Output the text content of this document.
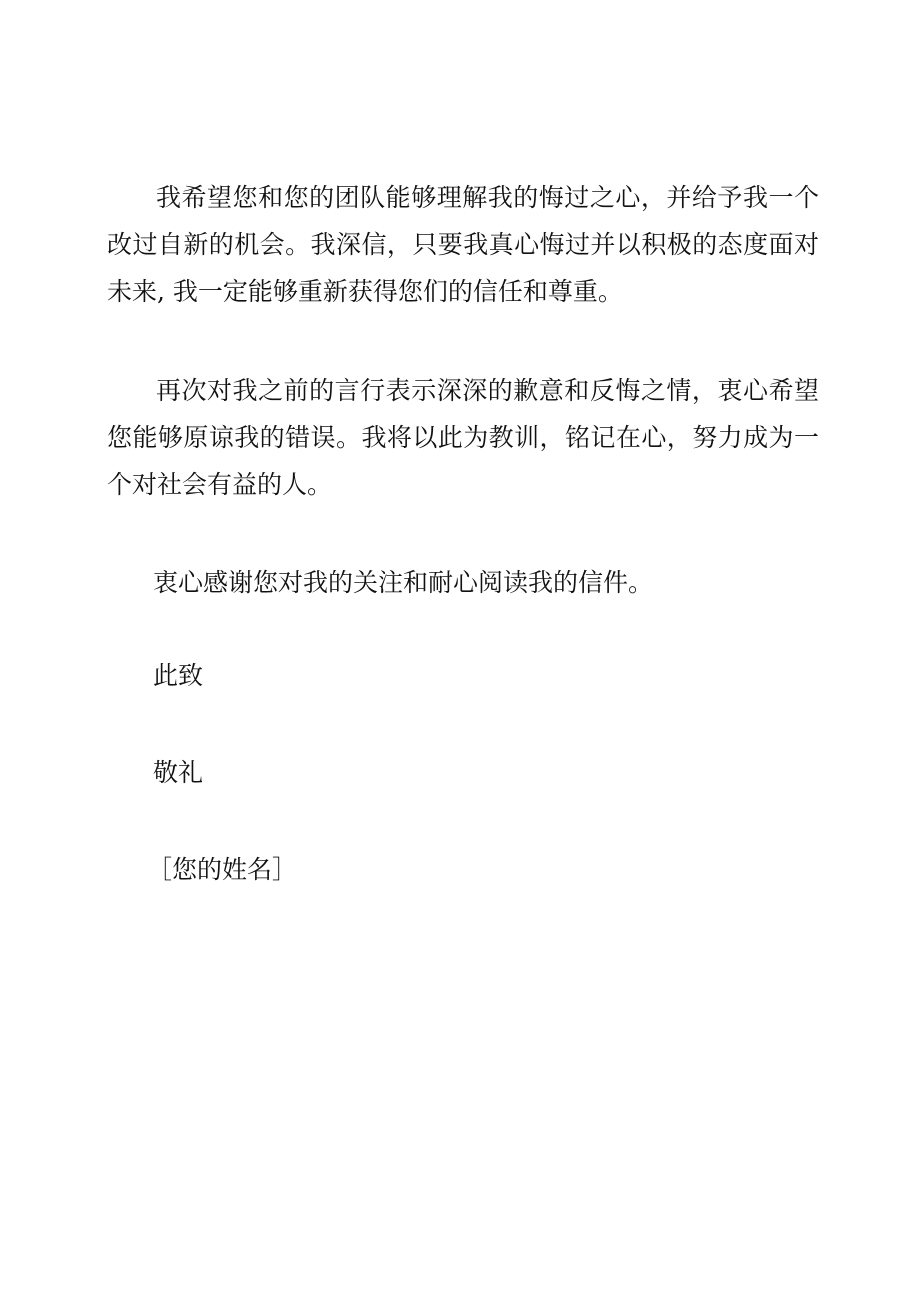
我希望您和您的团队能够理解我的悔过之心，并给予我一个改过自新的机会。我深信，只要我真心悔过并以积极的态度面对未来, 我一定能够重新获得您们的信任和尊重。

再次对我之前的言行表示深深的歉意和反悔之情，衷心希望您能够原谅我的错误。我将以此为教训，铭记在心，努力成为一个对社会有益的人。

衷心感谢您对我的关注和耐心阅读我的信件。

此致

敬礼

［您的姓名］
